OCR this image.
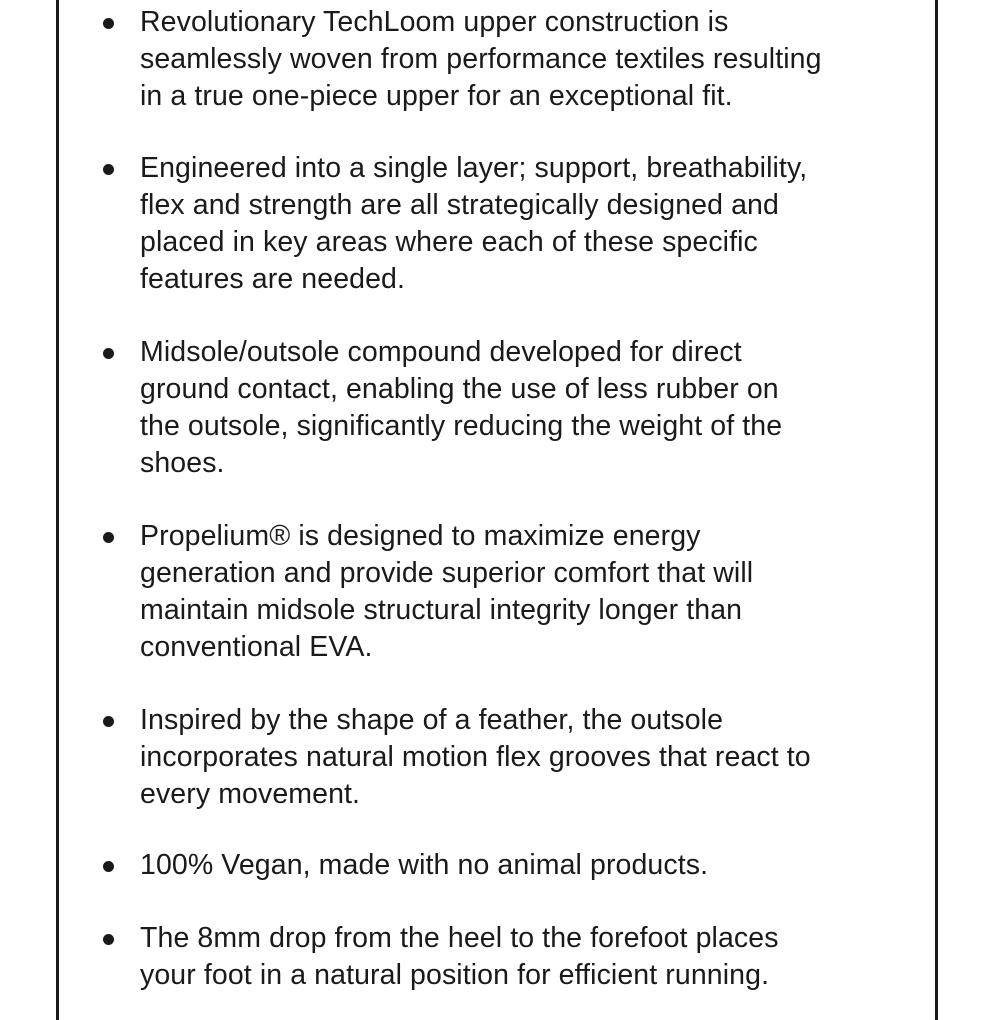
Revolutionary TechLoom upper construction is
seamlessly woven from performance textiles resulting
in a true one-piece upper for an exceptional fit.

Engineered into a single layer; support, breathability,
flex and strength are all strategically designed and
placed in key areas where each of these specific
features are needed.

Midsole/outsole compound developed for direct
ground contact, enabling the use of less rubber on
the outsole, significantly reducing the weight of the
shoes.

Propelium® is designed to maximize energy
generation and provide superior comfort that will
maintain midsole structural integrity longer than
conventional EVA.

Inspired by the shape of a feather, the outsole
incorporates natural motion flex grooves that react to
every movement.

100% Vegan, made with no animal products.

The 8mm drop from the heel to the forefoot places
your foot in a natural position for efficient running.
